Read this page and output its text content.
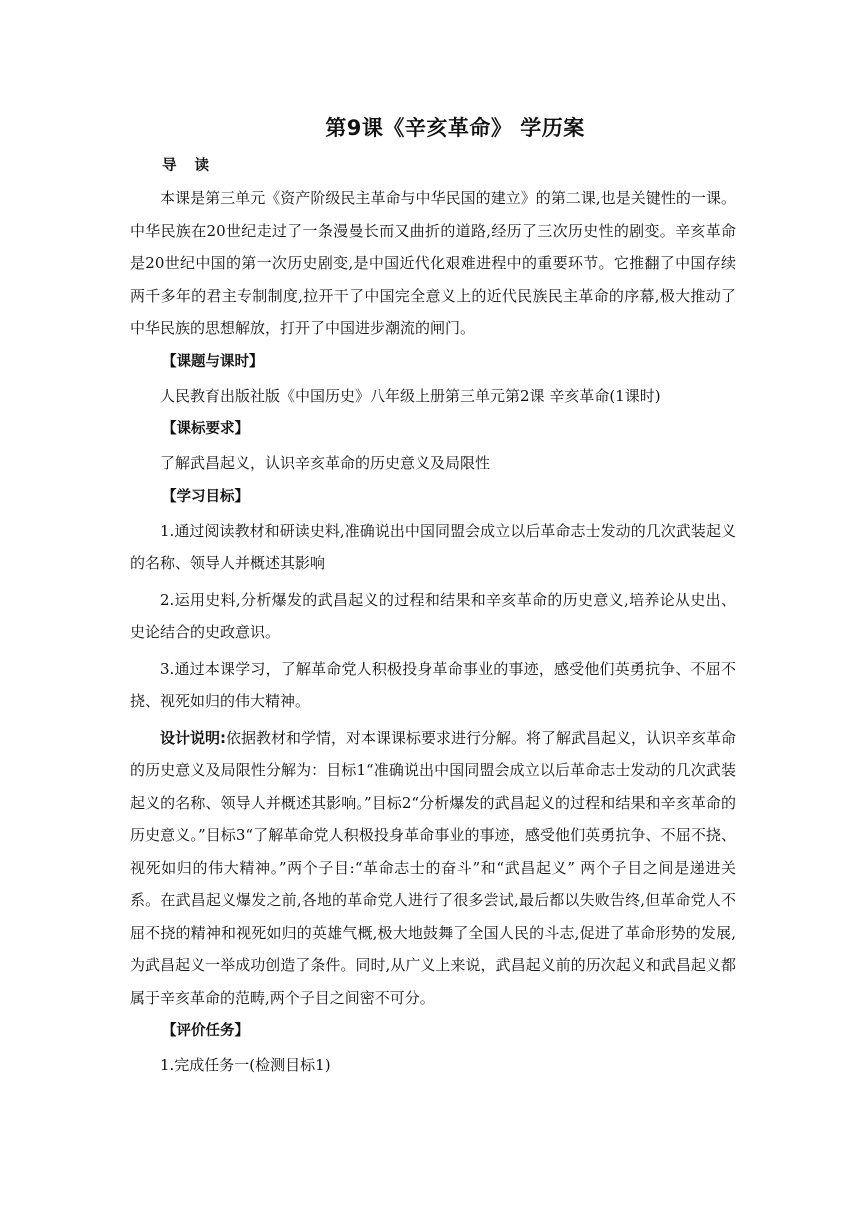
第9课《辛亥革命》 学历案
导读

本课是第三单元《资产阶级民主革命与中华民国的建立》的第二课,也是关键性的一课。中华民族在20世纪走过了一条漫曼长而又曲折的道路,经历了三次历史性的剧变。辛亥革命是20世纪中国的第一次历史剧变,是中国近代化艰难进程中的重要环节。它推翻了中国存续两千多年的君主专制制度,拉开干了中国完全意义上的近代民族民主革命的序幕,极大推动了中华民族的思想解放，打开了中国进步潮流的闸门。

【课题与课时】

人民教育出版社版《中国历史》八年级上册第三单元第2课 辛亥革命(1课时)

【课标要求】

了解武昌起义，认识辛亥革命的历史意义及局限性

【学习目标】

1.通过阅读教材和研读史料,准确说出中国同盟会成立以后革命志士发动的几次武装起义的名称、领导人并概述其影响

2.运用史料,分析爆发的武昌起义的过程和结果和辛亥革命的历史意义,培养论从史出、史论结合的史政意识。

3.通过本课学习，了解革命党人积极投身革命事业的事迹，感受他们英勇抗争、不屈不挠、视死如归的伟大精神。

设计说明:依据教材和学情，对本课课标要求进行分解。将了解武昌起义，认识辛亥革命的历史意义及局限性分解为：目标1“准确说出中国同盟会成立以后革命志士发动的几次武装起义的名称、领导人并概述其影响。”目标2“分析爆发的武昌起义的过程和结果和辛亥革命的历史意义。”目标3“了解革命党人积极投身革命事业的事迹，感受他们英勇抗争、不屈不挠、视死如归的伟大精神。”两个子目:“革命志士的奋斗”和“武昌起义” 两个子目之间是递进关系。在武昌起义爆发之前,各地的革命党人进行了很多尝试,最后都以失败告终,但革命党人不屈不挠的精神和视死如归的英雄气概,极大地鼓舞了全国人民的斗志,促进了革命形势的发展,为武昌起义一举成功创造了条件。同时,从广义上来说，武昌起义前的历次起义和武昌起义都属于辛亥革命的范畴,两个子目之间密不可分。

【评价任务】

1.完成任务一(检测目标1)
